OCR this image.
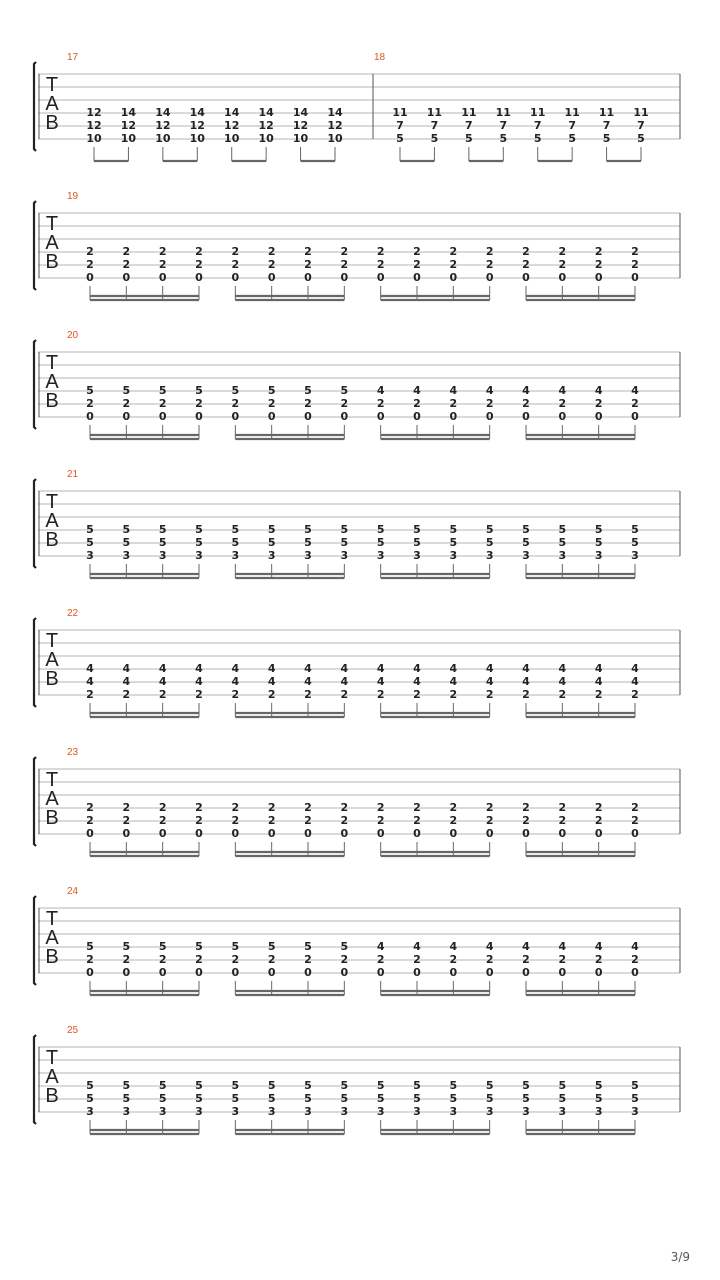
T
A
B
17
12
12
10
14
12
10
14
12
10
14
12
10
14
12
10
14
12
10
14
12
10
14
12
10
18
11
7
5
11
7
5
11
7
5
11
7
5
11
7
5
11
7
5
11
7
5
11
7
5
T
A
B
19
2
2
0
2
2
0
2
2
0
2
2
0
2
2
0
2
2
0
2
2
0
2
2
0
2
2
0
2
2
0
2
2
0
2
2
0
2
2
0
2
2
0
2
2
0
2
2
0
T
A
B
20
5
2
0
5
2
0
5
2
0
5
2
0
5
2
0
5
2
0
5
2
0
5
2
0
4
2
0
4
2
0
4
2
0
4
2
0
4
2
0
4
2
0
4
2
0
4
2
0
T
A
B
21
5
5
3
5
5
3
5
5
3
5
5
3
5
5
3
5
5
3
5
5
3
5
5
3
5
5
3
5
5
3
5
5
3
5
5
3
5
5
3
5
5
3
5
5
3
5
5
3
T
A
B
22
4
4
2
4
4
2
4
4
2
4
4
2
4
4
2
4
4
2
4
4
2
4
4
2
4
4
2
4
4
2
4
4
2
4
4
2
4
4
2
4
4
2
4
4
2
4
4
2
T
A
B
23
2
2
0
2
2
0
2
2
0
2
2
0
2
2
0
2
2
0
2
2
0
2
2
0
2
2
0
2
2
0
2
2
0
2
2
0
2
2
0
2
2
0
2
2
0
2
2
0
T
A
B
24
5
2
0
5
2
0
5
2
0
5
2
0
5
2
0
5
2
0
5
2
0
5
2
0
4
2
0
4
2
0
4
2
0
4
2
0
4
2
0
4
2
0
4
2
0
4
2
0
T
A
B
25
5
5
3
5
5
3
5
5
3
5
5
3
5
5
3
5
5
3
5
5
3
5
5
3
5
5
3
5
5
3
5
5
3
5
5
3
5
5
3
5
5
3
5
5
3
5
5
3
3/9
